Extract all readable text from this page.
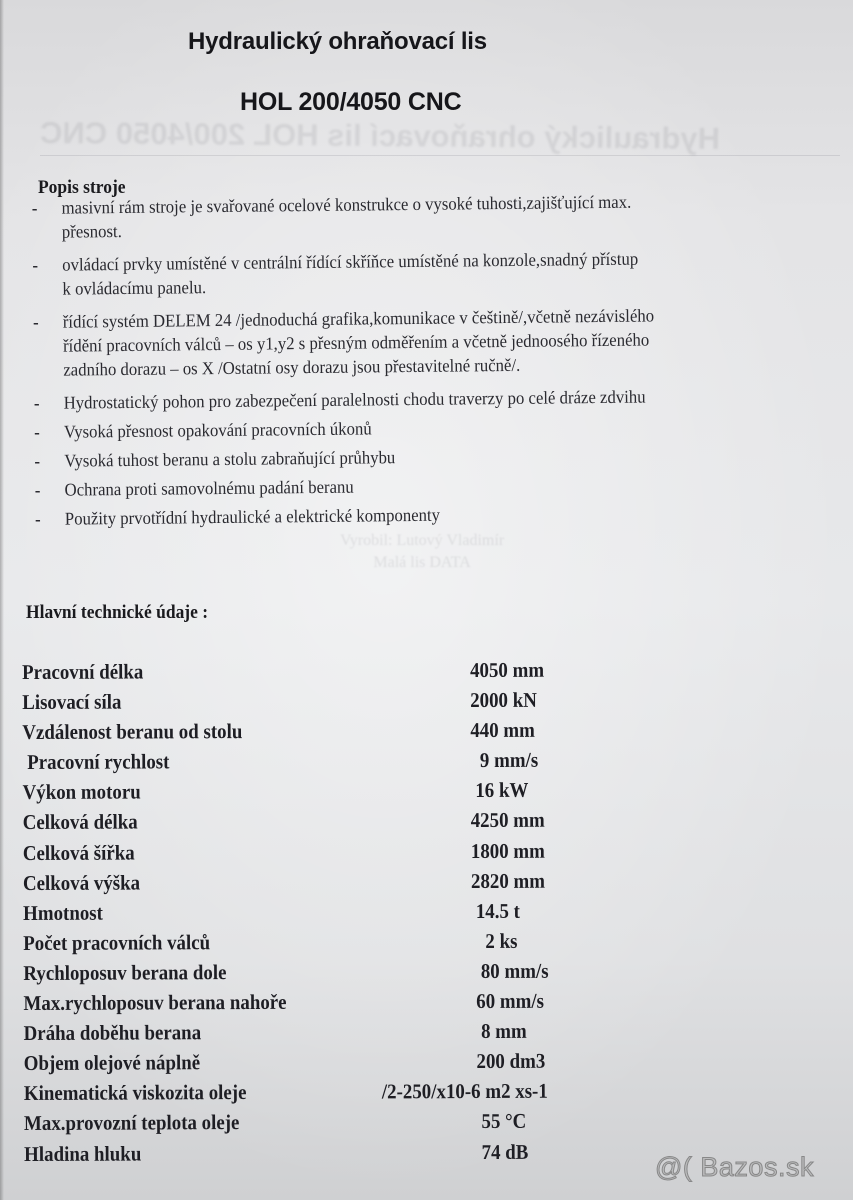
Hydraulický ohraňovací lis HOL 200/4050 CNC
Vyrobil: Lutový Vladimír
Malá lis DATA
Hydraulický ohraňovací lis
HOL 200/4050 CNC
Popis stroje
- masivní rám stroje je svařované ocelové konstrukce o vysoké tuhosti,zajišťující max.
přesnost.
- ovládací prvky umístěné v centrální řídící skříňce umístěné na konzole,snadný přístup
k ovládacímu panelu.
- řídící systém DELEM 24 /jednoduchá grafika,komunikace v češtině/,včetně nezávislého
řídění pracovních válců – os y1,y2 s přesným odměřením a včetně jednoosého řízeného
zadního dorazu – os X /Ostatní osy dorazu jsou přestavitelné ručně/.
- Hydrostatický pohon pro zabezpečení paralelnosti chodu traverzy po celé dráze zdvihu
- Vysoká přesnost opakování pracovních úkonů
- Vysoká tuhost beranu a stolu zabraňující průhybu
- Ochrana proti samovolnému padání beranu
- Použity prvotřídní hydraulické a elektrické komponenty
Hlavní technické údaje :
Pracovní délka	4050 mm
Lisovací síla	2000 kN
Vzdálenost beranu od stolu	440 mm
Pracovní rychlost	9 mm/s
Výkon motoru	16 kW
Celková délka	4250 mm
Celková šířka	1800 mm
Celková výška	2820 mm
Hmotnost	14.5 t
Počet pracovních válců	2 ks
Rychloposuv berana dole	80 mm/s
Max.rychloposuv berana nahoře	60 mm/s
Dráha doběhu berana	8 mm
Objem olejové náplně	200 dm3
Kinematická viskozita oleje	/2-250/x10-6 m2 xs-1
Max.provozní teplota oleje	55 °C
Hladina hluku	74 dB
@( Bazos.sk
